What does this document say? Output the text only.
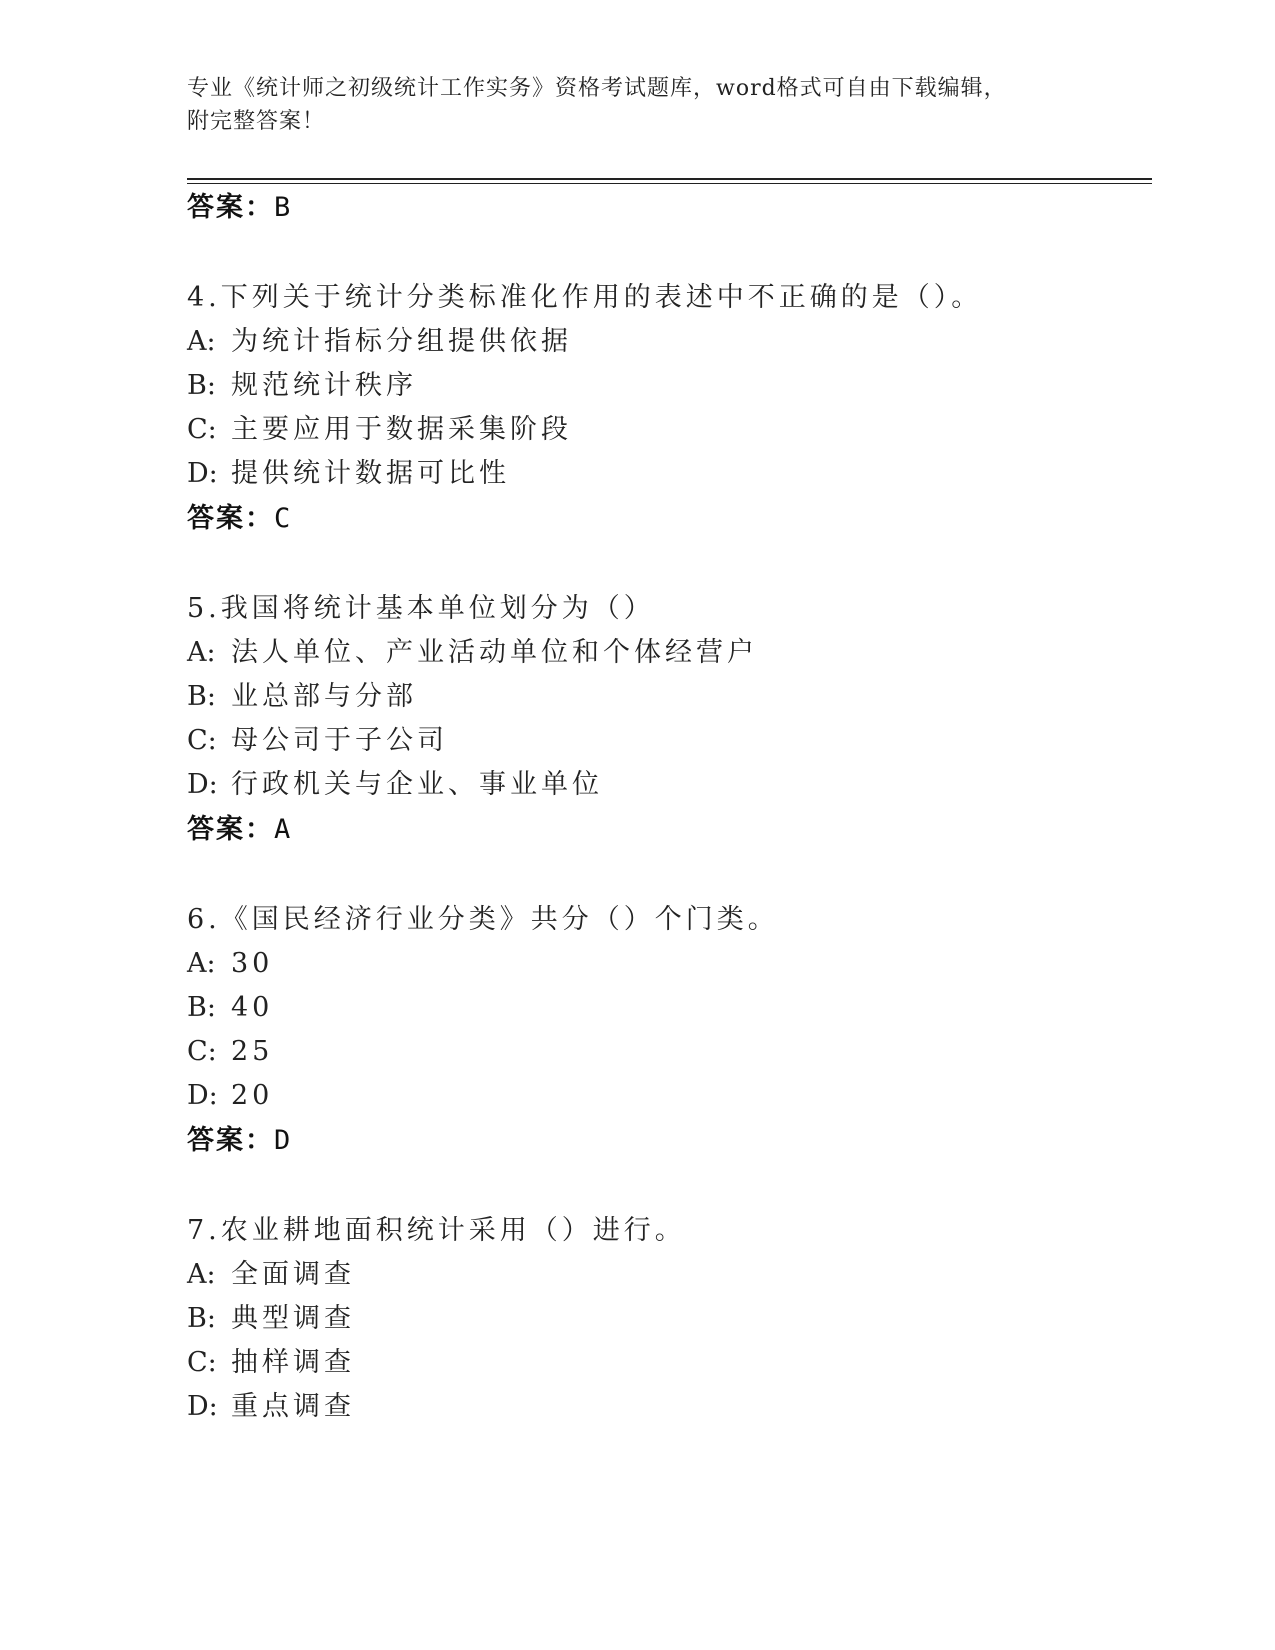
专业《统计师之初级统计工作实务》资格考试题库，word格式可自由下载编辑，
附完整答案！
答案：B
4.下列关于统计分类标准化作用的表述中不正确的是（）。
A: 为统计指标分组提供依据
B: 规范统计秩序
C: 主要应用于数据采集阶段
D: 提供统计数据可比性
答案：C
5.我国将统计基本单位划分为（）
A: 法人单位、产业活动单位和个体经营户
B: 业总部与分部
C: 母公司于子公司
D: 行政机关与企业、事业单位
答案：A
6.《国民经济行业分类》共分（）个门类。
A: 30
B: 40
C: 25
D: 20
答案：D
7.农业耕地面积统计采用（）进行。
A: 全面调查
B: 典型调查
C: 抽样调查
D: 重点调查
